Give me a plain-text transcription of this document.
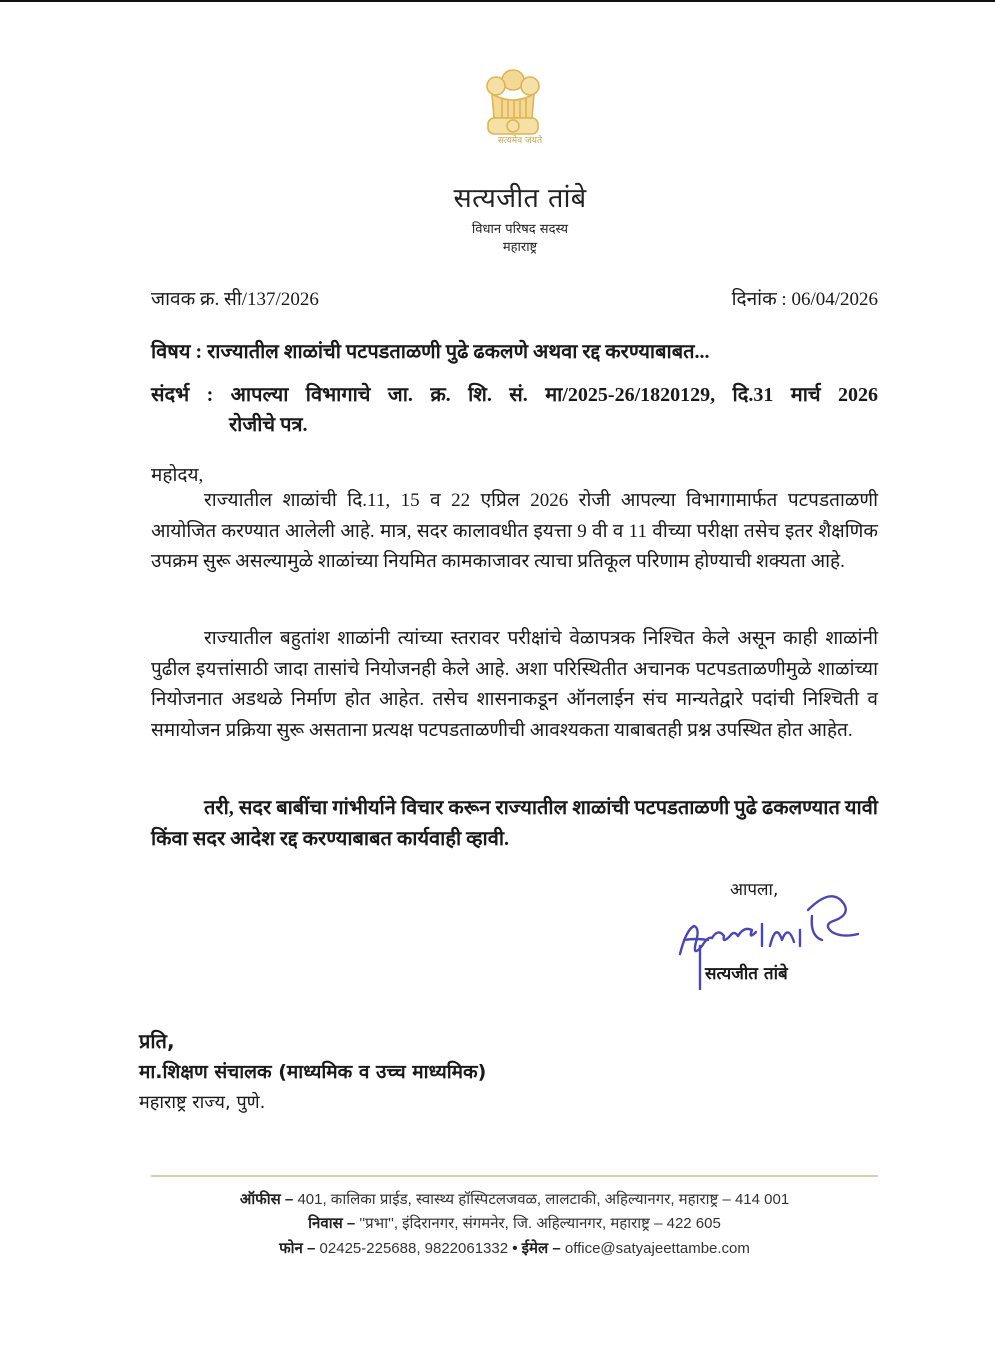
सत्यमेव जयते
सत्यजीत तांबे
विधान परिषद सदस्य
महाराष्ट्र
जावक क्र. सी/137/2026	दिनांक : 06/04/2026
विषय : राज्यातील शाळांची पटपडताळणी पुढे ढकलणे अथवा रद्द करण्याबाबत...
संदर्भ : आपल्या विभागाचे जा. क्र. शि. सं. मा/2025-26/1820129, दि.31 मार्च 2026
रोजीचे पत्र.
महोदय,
राज्यातील शाळांची दि.11, 15 व 22 एप्रिल 2026 रोजी आपल्या विभागामार्फत पटपडताळणी आयोजित करण्यात आलेली आहे. मात्र, सदर कालावधीत इयत्ता 9 वी व 11 वीच्या परीक्षा तसेच इतर शैक्षणिक उपक्रम सुरू असल्यामुळे शाळांच्या नियमित कामकाजावर त्याचा प्रतिकूल परिणाम होण्याची शक्यता आहे.
राज्यातील बहुतांश शाळांनी त्यांच्या स्तरावर परीक्षांचे वेळापत्रक निश्चित केले असून काही शाळांनी पुढील इयत्तांसाठी जादा तासांचे नियोजनही केले आहे. अशा परिस्थितीत अचानक पटपडताळणीमुळे शाळांच्या नियोजनात अडथळे निर्माण होत आहेत. तसेच शासनाकडून ऑनलाईन संच मान्यतेद्वारे पदांची निश्चिती व समायोजन प्रक्रिया सुरू असताना प्रत्यक्ष पटपडताळणीची आवश्यकता याबाबतही प्रश्न उपस्थित होत आहेत.
तरी, सदर बाबींचा गांभीर्याने विचार करून राज्यातील शाळांची पटपडताळणी पुढे ढकलण्यात यावी किंवा सदर आदेश रद्द करण्याबाबत कार्यवाही व्हावी.
आपला,
सत्यजीत तांबे
प्रति,
मा.शिक्षण संचालक (माध्यमिक व उच्च माध्यमिक)
महाराष्ट्र राज्य, पुणे.
ऑफीस – 401, कालिका प्राईड, स्वास्थ्य हॉस्पिटलजवळ, लालटाकी, अहिल्यानगर, महाराष्ट्र – 414 001
निवास – ''प्रभा'', इंदिरानगर, संगमनेर, जि. अहिल्यानगर, महाराष्ट्र – 422 605
फोन – 02425-225688, 9822061332 • ईमेल – office@satyajeettambe.com
